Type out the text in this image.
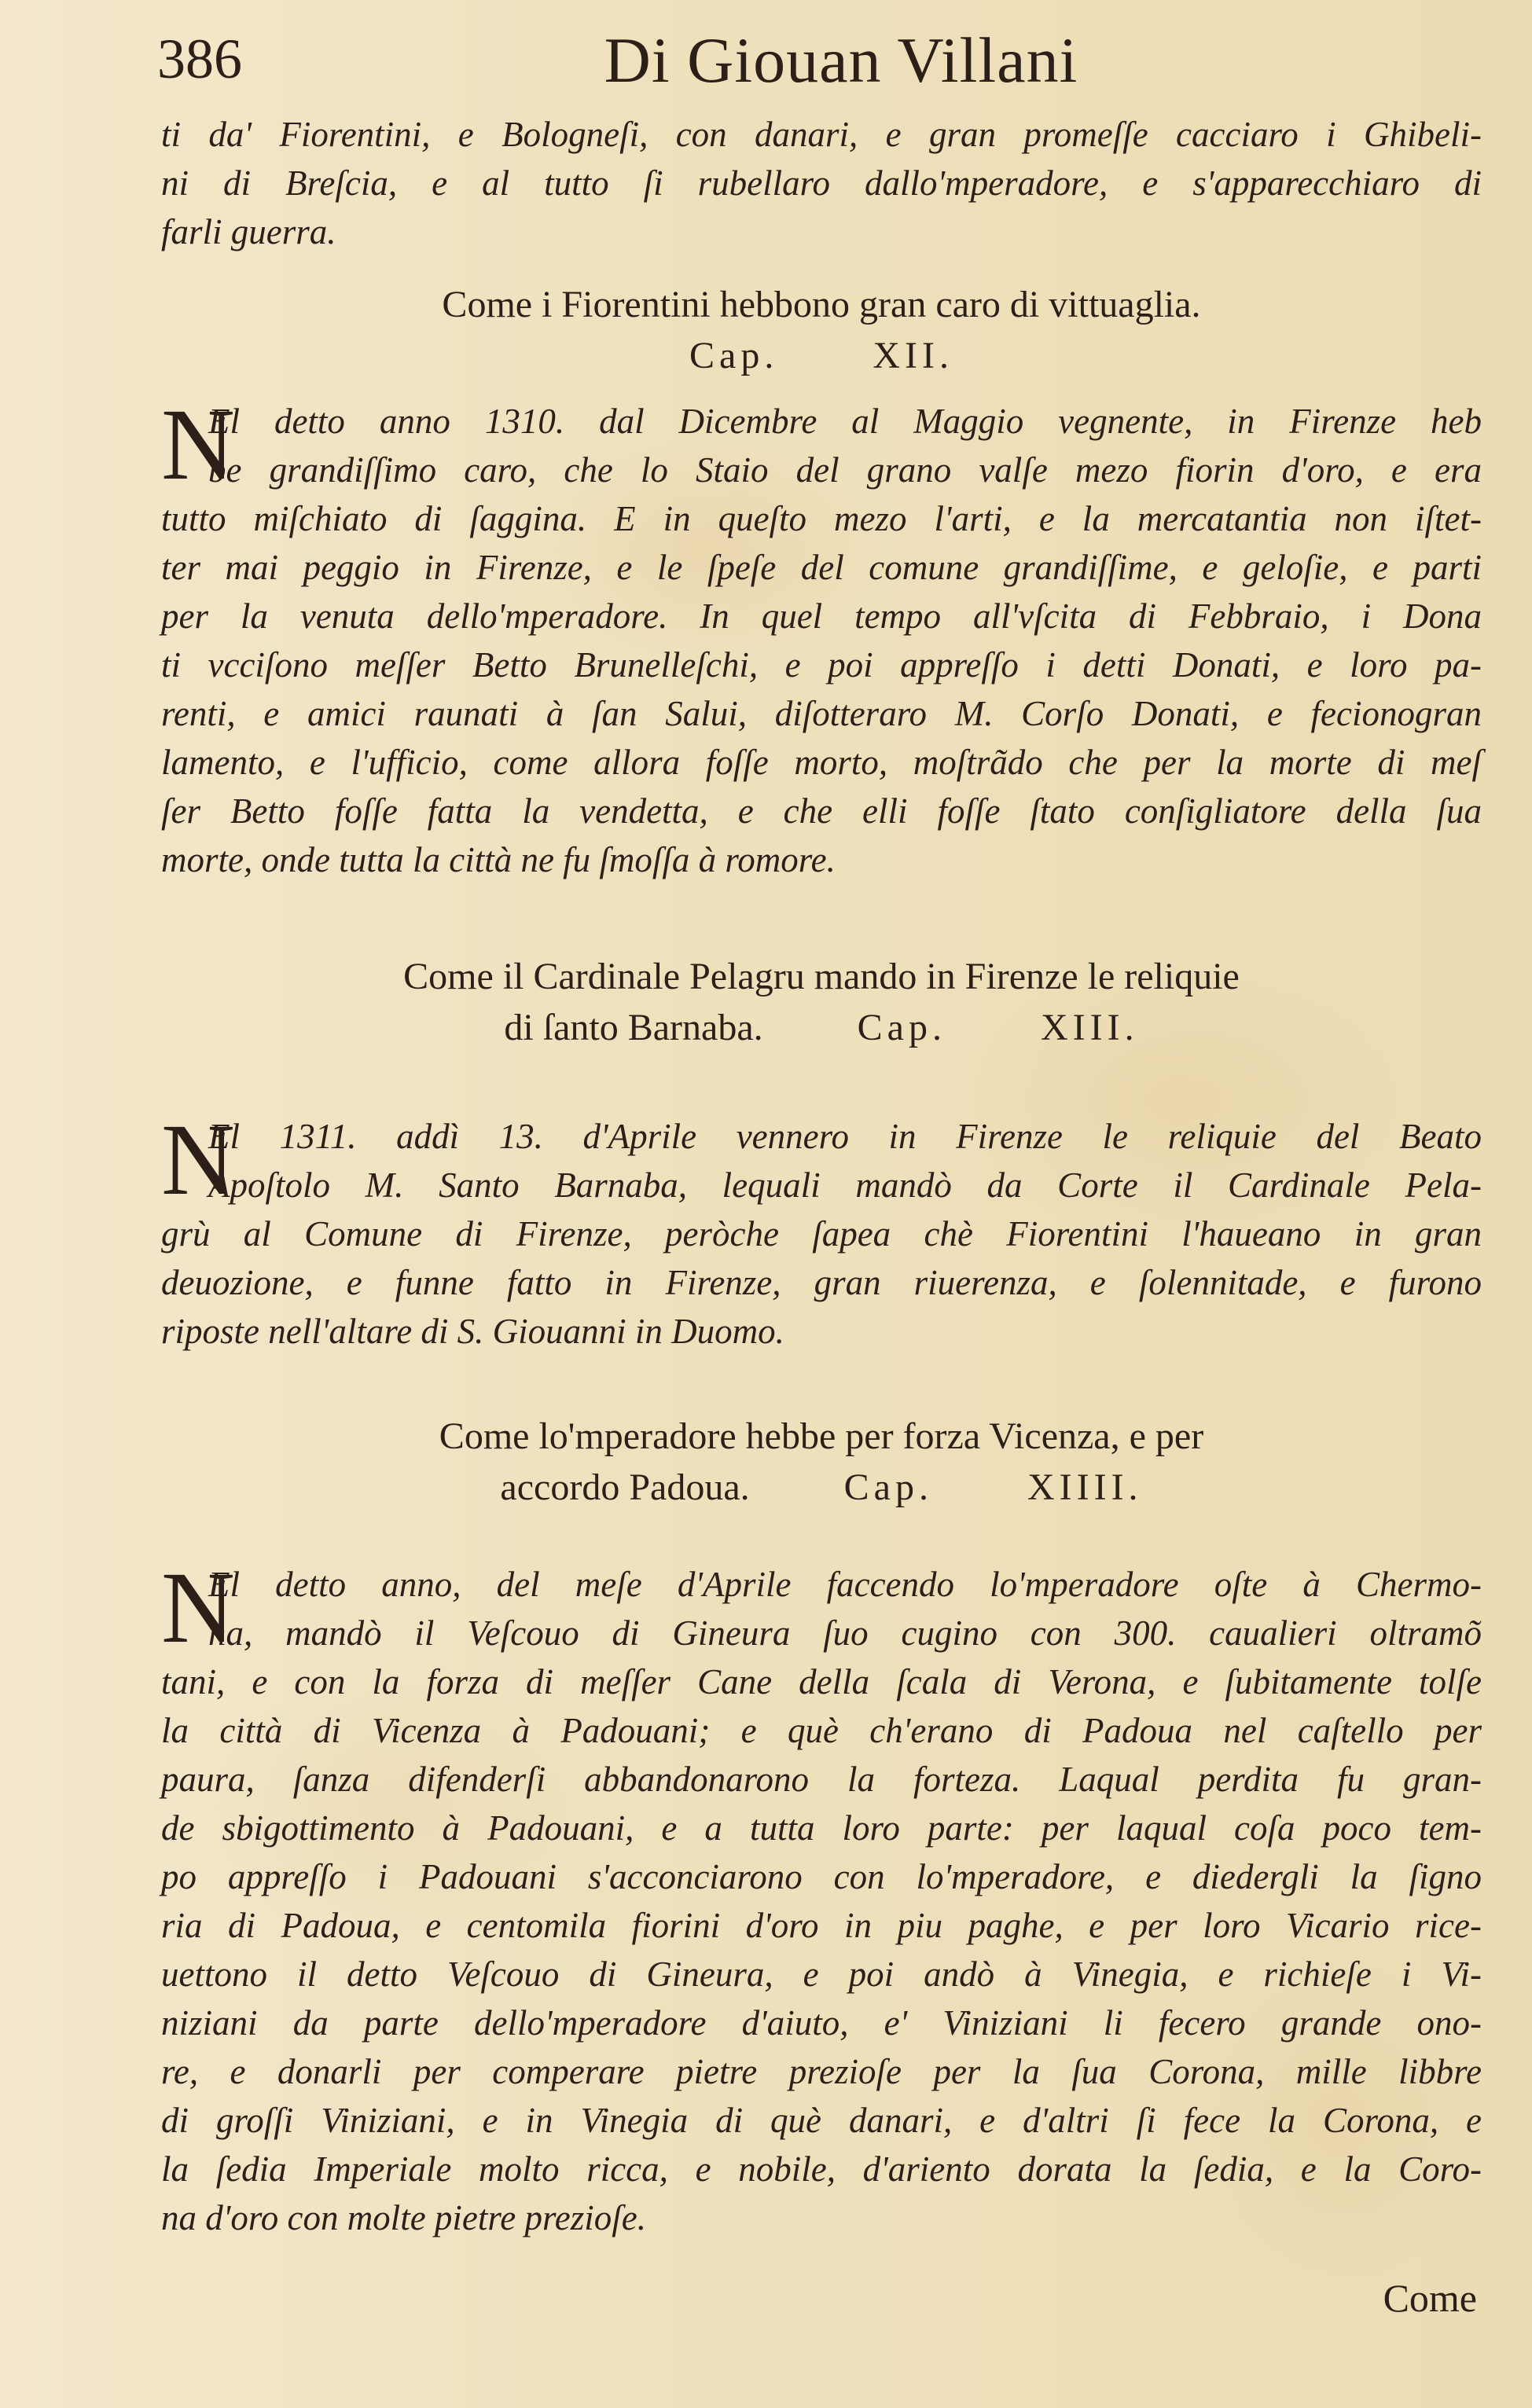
386	Di Giouan Villani
ti da' Fiorentini, e Bologneſi, con danari, e gran promeſſe cacciaro i Ghibeli-
ni di Breſcia, e al tutto ſi rubellaro dallo'mperadore, e s'apparecchiaro di
farli guerra.
Come i Fiorentini hebbono gran caro di vittuaglia.
Cap.	XII.
N
El detto anno 1310. dal Dicembre al Maggio vegnente, in Firenze heb
be grandiſſimo caro, che lo Staio del grano valſe mezo fiorin d'oro, e era
tutto miſchiato di ſaggina. E in queſto mezo l'arti, e la mercatantia non iſtet-
ter mai peggio in Firenze, e le ſpeſe del comune grandiſſime, e geloſie, e parti
per la venuta dello'mperadore. In quel tempo all'vſcita di Febbraio, i Dona
ti vcciſono meſſer Betto Brunelleſchi, e poi appreſſo i detti Donati, e loro pa-
renti, e amici raunati à ſan Salui, diſotteraro M. Corſo Donati, e fecionogran
lamento, e l'ufficio, come allora foſſe morto, moſtrãdo che per la morte di meſ
ſer Betto foſſe fatta la vendetta, e che elli foſſe ſtato conſigliatore della ſua
morte, onde tutta la città ne fu ſmoſſa à romore.
Come il Cardinale Pelagru mando in Firenze le reliquie
di ſanto Barnaba.	Cap.	XIII.
N
El 1311. addì 13. d'Aprile vennero in Firenze le reliquie del Beato
Apoſtolo M. Santo Barnaba, lequali mandò da Corte il Cardinale Pela-
grù al Comune di Firenze, peròche ſapea chè Fiorentini l'haueano in gran
deuozione, e funne fatto in Firenze, gran riuerenza, e ſolennitade, e furono
riposte nell'altare di S. Giouanni in Duomo.
Come lo'mperadore hebbe per forza Vicenza, e per
accordo Padoua.	Cap.	XIIII.
N
El detto anno, del meſe d'Aprile faccendo lo'mperadore oſte à Chermo-
na, mandò il Veſcouo di Gineura ſuo cugino con 300. caualieri oltramõ
tani, e con la forza di meſſer Cane della ſcala di Verona, e ſubitamente tolſe
la città di Vicenza à Padouani; e què ch'erano di Padoua nel caſtello per
paura, ſanza difenderſi abbandonarono la forteza. Laqual perdita fu gran-
de sbigottimento à Padouani, e a tutta loro parte: per laqual coſa poco tem-
po appreſſo i Padouani s'acconciarono con lo'mperadore, e diedergli la ſigno
ria di Padoua, e centomila fiorini d'oro in piu paghe, e per loro Vicario rice-
uettono il detto Veſcouo di Gineura, e poi andò à Vinegia, e richieſe i Vi-
niziani da parte dello'mperadore d'aiuto, e' Viniziani li fecero grande ono-
re, e donarli per comperare pietre prezioſe per la ſua Corona, mille libbre
di groſſi Viniziani, e in Vinegia di què danari, e d'altri ſi fece la Corona, e
la ſedia Imperiale molto ricca, e nobile, d'ariento dorata la ſedia, e la Coro-
na d'oro con molte pietre prezioſe.
Come
